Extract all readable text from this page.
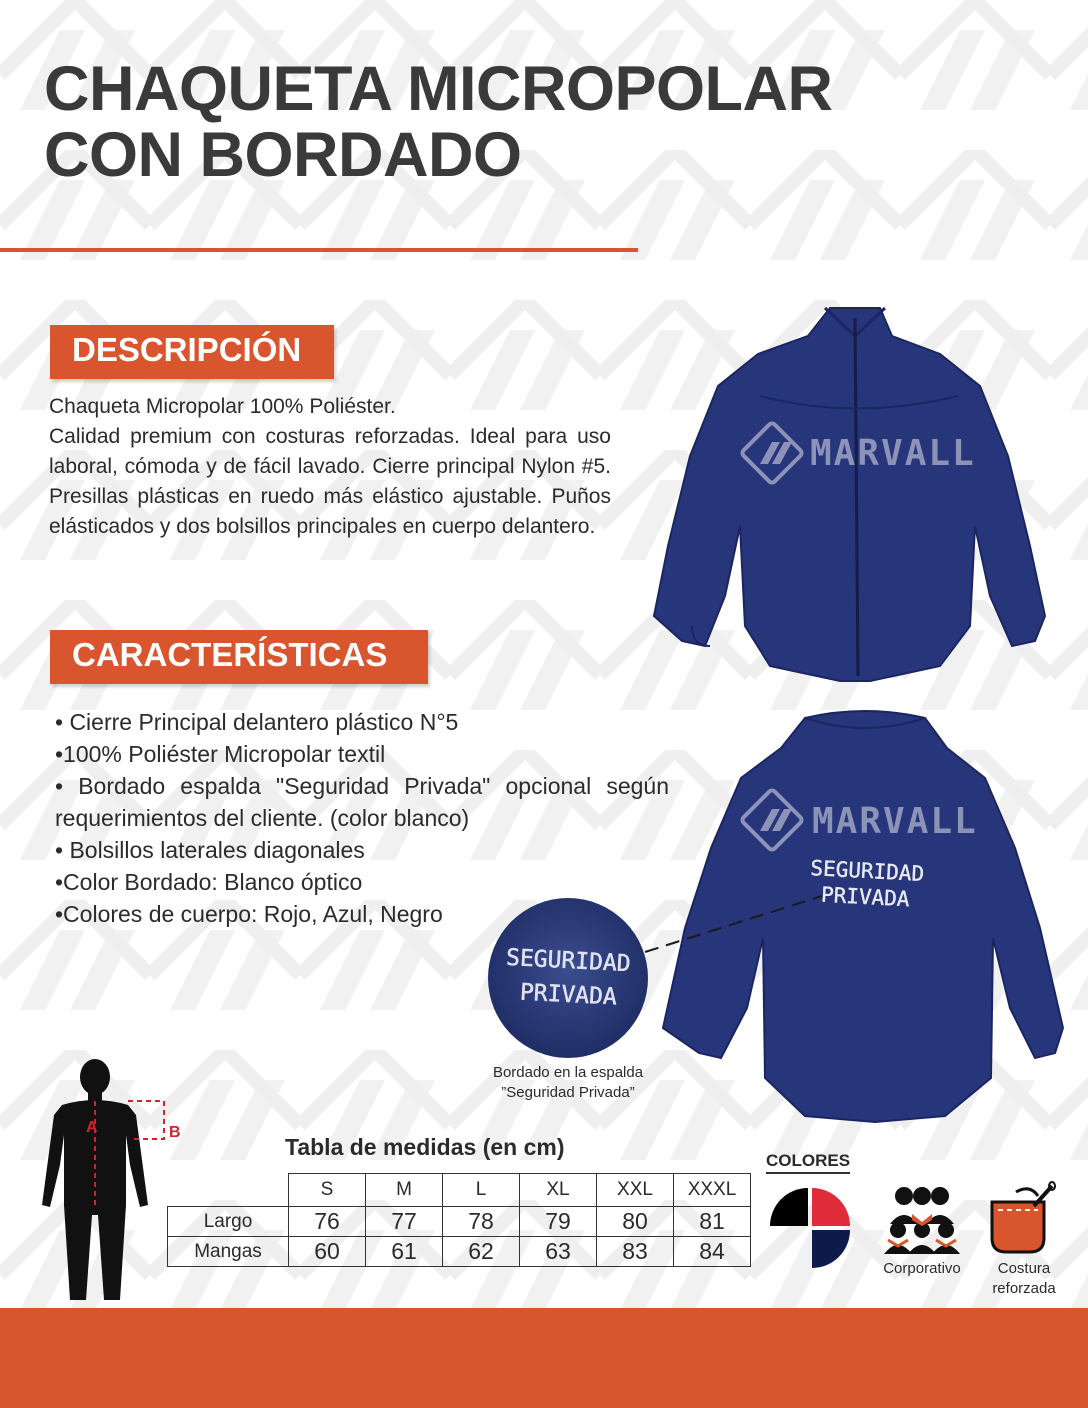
CHAQUETA MICROPOLAR
CON BORDADO
DESCRIPCIÓN

Chaqueta Micropolar 100% Poliéster.

Calidad premium con costuras reforzadas. Ideal para uso laboral, cómoda y de fácil lavado. Cierre principal Nylon #5. Presillas plásticas en ruedo más elástico ajustable. Puños elásticados y dos bolsillos principales en cuerpo delantero.

CARACTERÍSTICAS
• Cierre Principal delantero plástico N°5
•100% Poliéster Micropolar textil
• Bordado espalda "Seguridad Privada" opcional según requerimientos del cliente. (color blanco)
• Bolsillos laterales diagonales
•Color Bordado: Blanco óptico
•Colores de cuerpo: Rojo, Azul, Negro
MARVALL
MARVALL
SEGURIDAD
PRIVADA
SEGURIDAD
PRIVADA
Bordado en la espalda
”Seguridad Privada”
A	B
Tabla de medidas (en cm)
	S	M	L	XL	XXL	XXXL
Largo	76	77	78	79	80	81
Mangas	60	61	62	63	83	84
COLORES
Corporativo	Costura
reforzada
